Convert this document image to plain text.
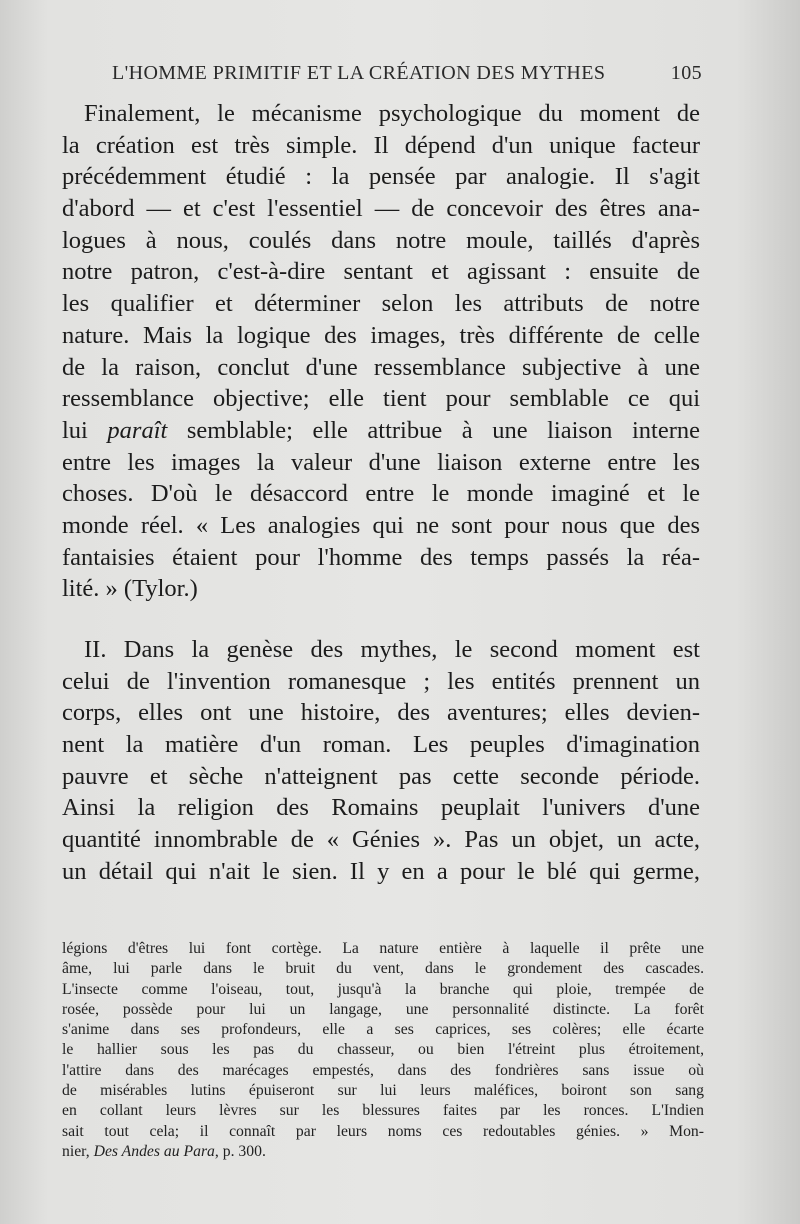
L'HOMME PRIMITIF ET LA CRÉATION DES MYTHES	105
Finalement, le mécanisme psychologique du moment de
la création est très simple. Il dépend d'un unique facteur
précédemment étudié : la pensée par analogie. Il s'agit
d'abord — et c'est l'essentiel — de concevoir des êtres ana-
logues à nous, coulés dans notre moule, taillés d'après
notre patron, c'est-à-dire sentant et agissant : ensuite de
les qualifier et déterminer selon les attributs de notre
nature. Mais la logique des images, très différente de celle
de la raison, conclut d'une ressemblance subjective à une
ressemblance objective; elle tient pour semblable ce qui
lui paraît semblable; elle attribue à une liaison interne
entre les images la valeur d'une liaison externe entre les
choses. D'où le désaccord entre le monde imaginé et le
monde réel. « Les analogies qui ne sont pour nous que des
fantaisies étaient pour l'homme des temps passés la réa-
lité. » (Tylor.)
II. Dans la genèse des mythes, le second moment est
celui de l'invention romanesque ; les entités prennent un
corps, elles ont une histoire, des aventures; elles devien-
nent la matière d'un roman. Les peuples d'imagination
pauvre et sèche n'atteignent pas cette seconde période.
Ainsi la religion des Romains peuplait l'univers d'une
quantité innombrable de « Génies ». Pas un objet, un acte,
un détail qui n'ait le sien. Il y en a pour le blé qui germe,
légions d'êtres lui font cortège. La nature entière à laquelle il prête une
âme, lui parle dans le bruit du vent, dans le grondement des cascades.
L'insecte comme l'oiseau, tout, jusqu'à la branche qui ploie, trempée de
rosée, possède pour lui un langage, une personnalité distincte. La forêt
s'anime dans ses profondeurs, elle a ses caprices, ses colères; elle écarte
le hallier sous les pas du chasseur, ou bien l'étreint plus étroitement,
l'attire dans des marécages empestés, dans des fondrières sans issue où
de misérables lutins épuiseront sur lui leurs maléfices, boiront son sang
en collant leurs lèvres sur les blessures faites par les ronces. L'Indien
sait tout cela; il connaît par leurs noms ces redoutables génies. » Mon-
nier, Des Andes au Para, p. 300.
